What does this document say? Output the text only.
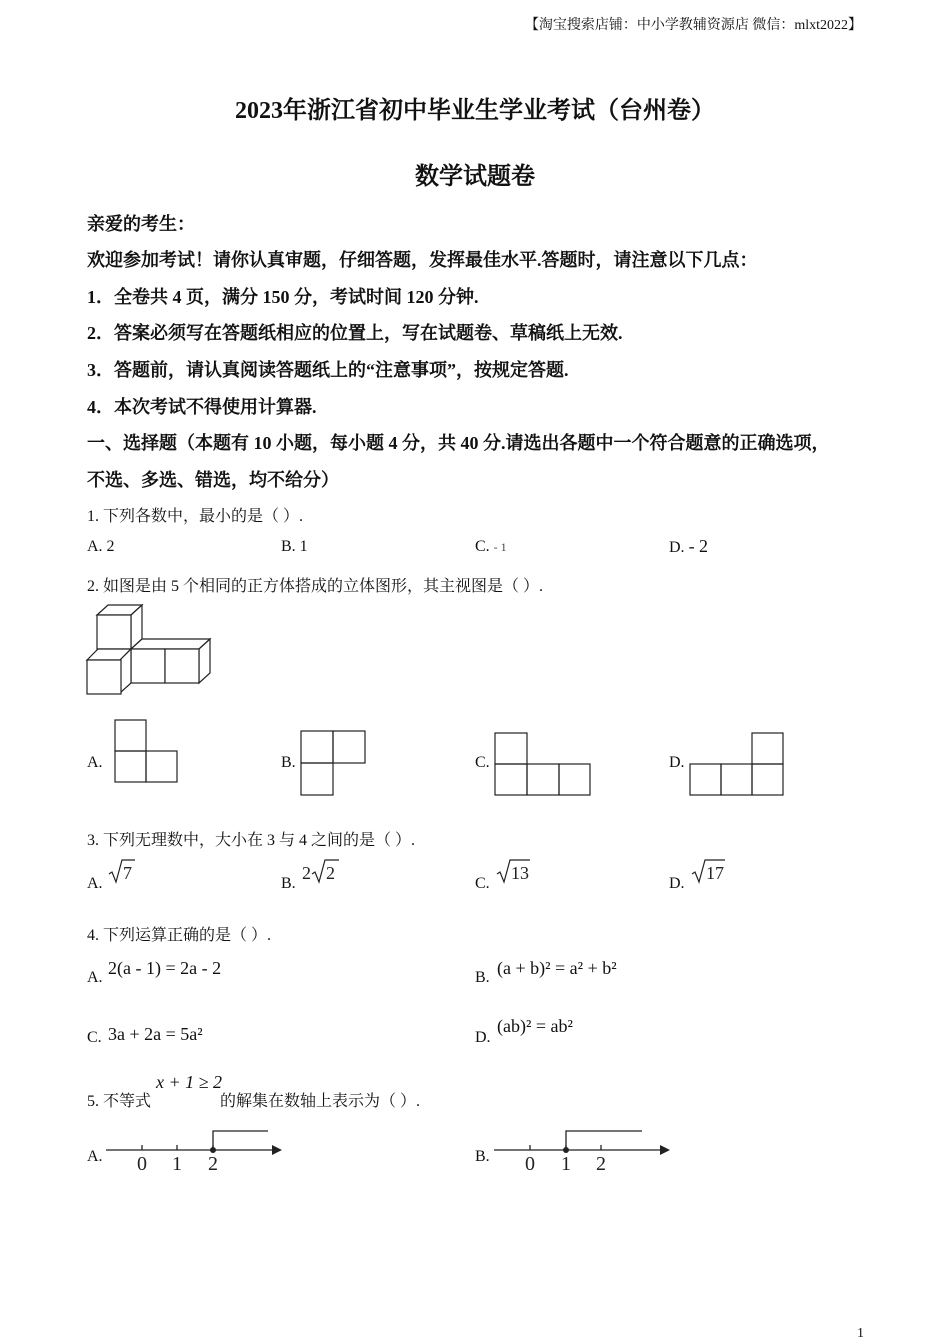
【淘宝搜索店铺：中小学教辅资源店 微信：mlxt2022】
2023年浙江省初中毕业生学业考试（台州卷）
数学试题卷
亲爱的考生：
欢迎参加考试！请你认真审题，仔细答题，发挥最佳水平.答题时，请注意以下几点：
1．全卷共 4 页，满分 150 分，考试时间 120 分钟.
2．答案必须写在答题纸相应的位置上，写在试题卷、草稿纸上无效.
3．答题前，请认真阅读答题纸上的“注意事项”，按规定答题.
4．本次考试不得使用计算器.
一、选择题（本题有 10 小题，每小题 4 分，共 40 分.请选出各题中一个符合题意的正确选项，
不选、多选、错选，均不给分）
1. 下列各数中，最小的是（ ）.
A. 2	B. 1	C. - 1	D. - 2
2. 如图是由 5 个相同的正方体搭成的立体图形，其主视图是（ ）.
A.	B.	C.	D.
3. 下列无理数中，大小在 3 与 4 之间的是（ ）.
A.
7
B.
2 2
C.
13
D.
17
4. 下列运算正确的是（ ）.
A. 2(a - 1) = 2a - 2	B. (a + b)² = a² + b²
C. 3a + 2a = 5a²	D.
(ab)² = ab²
5. 不等式
x + 1 ≥ 2
的解集在数轴上表示为（ ）.
A. 0 1 2	B. 0 1 2
1
